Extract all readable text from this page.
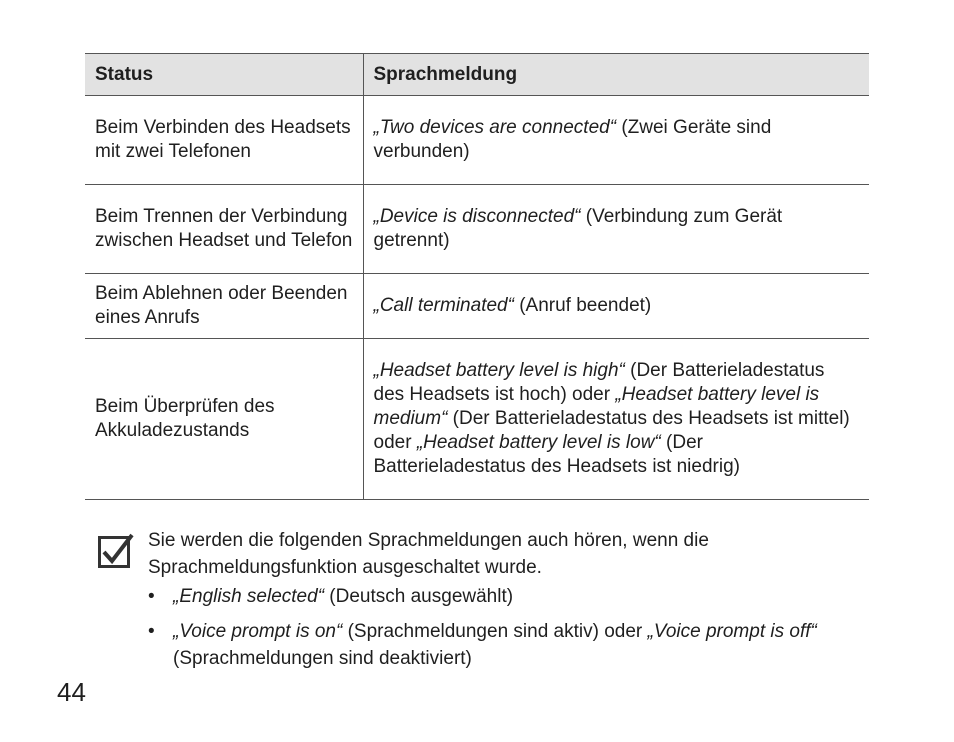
Status	Sprachmeldung
Beim Verbinden des Headsets mit zwei Telefonen	„Two devices are connected“ (Zwei Geräte sind verbunden)
Beim Trennen der Verbindung zwischen Headset und Telefon	„Device is disconnected“ (Verbindung zum Gerät getrennt)
Beim Ablehnen oder Beenden eines Anrufs	„Call terminated“ (Anruf beendet)
Beim Überprüfen des Akkuladezustands	„Headset battery level is high“ (Der Batterieladestatus des Headsets ist hoch) oder „Headset battery level is medium“ (Der Batterieladestatus des Headsets ist mittel) oder „Headset battery level is low“ (Der Batterieladestatus des Headsets ist niedrig)
Sie werden die folgenden Sprachmeldungen auch hören, wenn die Sprachmeldungsfunktion ausgeschaltet wurde.
• „English selected“ (Deutsch ausgewählt)
• „Voice prompt is on“ (Sprachmeldungen sind aktiv) oder „Voice prompt is off“ (Sprachmeldungen sind deaktiviert)
44
